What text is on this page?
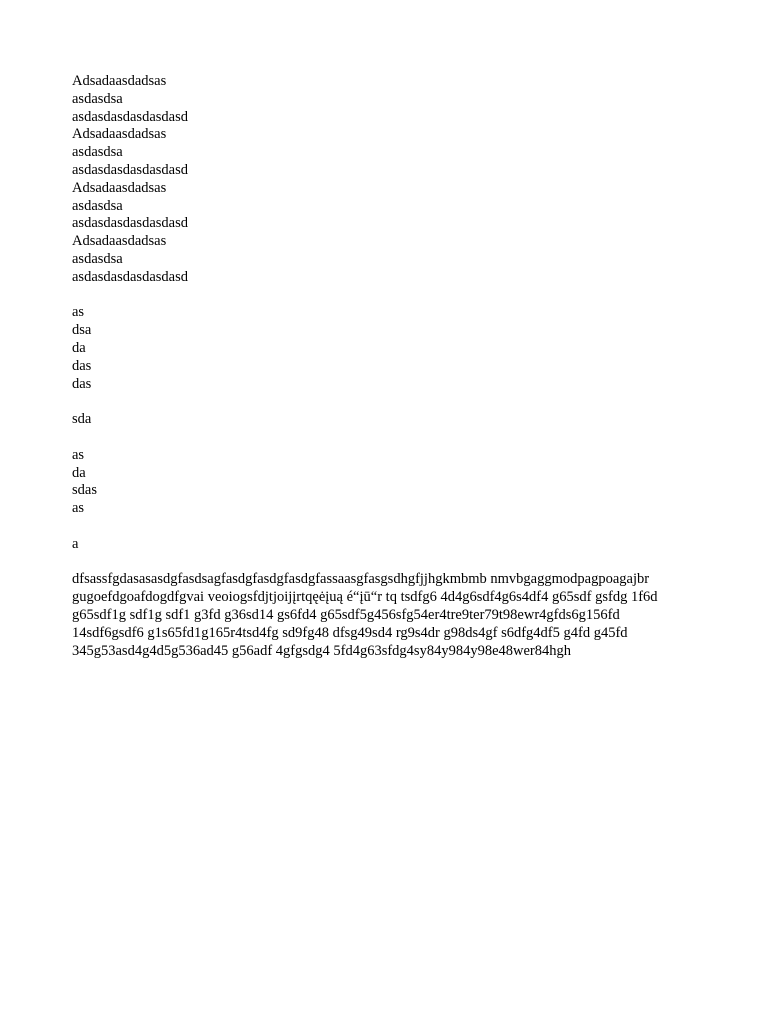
Adsadaasdadsas
asdasdsa
asdasdasdasdasdasd
Adsadaasdadsas
asdasdsa
asdasdasdasdasdasd
Adsadaasdadsas
asdasdsa
asdasdasdasdasdasd
Adsadaasdadsas
asdasdsa
asdasdasdasdasdasd
as
dsa
da
das
das
sda
as
da
sdas
as
a
dfsassfgdasasasdgfasdsagfasdgfasdgfasdgfassaasgfasgsdhgfjjhgkmbmb nmvbgaggmodpagpoagajbr
gugoefdgoafdogdfgvai veoiogsfdjtjoijįrtqęėįuą é“įū“r tq tsdfg6 4d4g6sdf4g6s4df4 g65sdf gsfdg 1f6d
g65sdf1g sdf1g sdf1 g3fd g36sd14 gs6fd4 g65sdf5g456sfg54er4tre9ter79t98ewr4gfds6g156fd
14sdf6gsdf6 g1s65fd1g165r4tsd4fg sd9fg48 dfsg49sd4 rg9s4dr g98ds4gf s6dfg4df5 g4fd g45fd
345g53asd4g4d5g536ad45 g56adf 4gfgsdg4 5fd4g63sfdg4sy84y984y98e48wer84hgh
